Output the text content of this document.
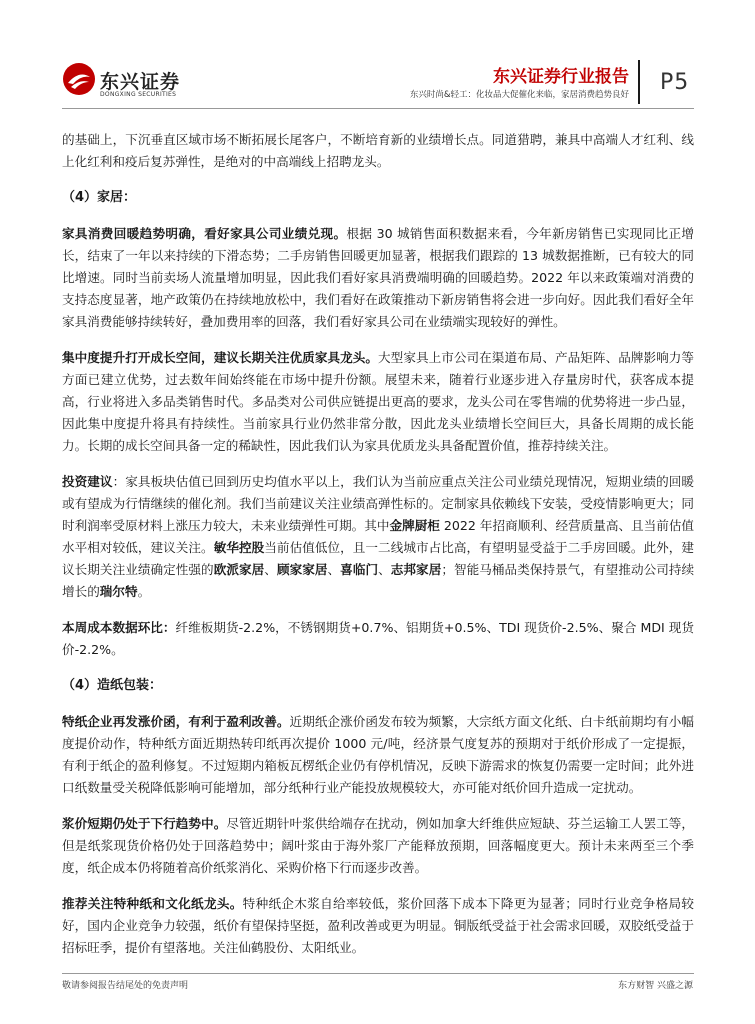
东兴证券
DONGXING SECURITIES
东兴证券行业报告
东兴时尚&轻工：化妆品大促催化来临，家居消费趋势良好 P5

的基础上，下沉垂直区域市场不断拓展长尾客户，不断培育新的业绩增长点。同道猎聘，兼具中高端人才红利、线上化红利和疫后复苏弹性，是绝对的中高端线上招聘龙头。

（4）家居：

家具消费回暖趋势明确，看好家具公司业绩兑现。根据 30 城销售面积数据来看，今年新房销售已实现同比正增长，结束了一年以来持续的下滑态势；二手房销售回暖更加显著，根据我们跟踪的 13 城数据推断，已有较大的同比增速。同时当前卖场人流量增加明显，因此我们看好家具消费端明确的回暖趋势。2022 年以来政策端对消费的支持态度显著，地产政策仍在持续地放松中，我们看好在政策推动下新房销售将会进一步向好。因此我们看好全年家具消费能够持续转好，叠加费用率的回落，我们看好家具公司在业绩端实现较好的弹性。

集中度提升打开成长空间，建议长期关注优质家具龙头。大型家具上市公司在渠道布局、产品矩阵、品牌影响力等方面已建立优势，过去数年间始终能在市场中提升份额。展望未来，随着行业逐步进入存量房时代，获客成本提高，行业将进入多品类销售时代。多品类对公司供应链提出更高的要求，龙头公司在零售端的优势将进一步凸显，因此集中度提升将具有持续性。当前家具行业仍然非常分散，因此龙头业绩增长空间巨大，具备长周期的成长能力。长期的成长空间具备一定的稀缺性，因此我们认为家具优质龙头具备配置价值，推荐持续关注。

投资建议：家具板块估值已回到历史均值水平以上，我们认为当前应重点关注公司业绩兑现情况，短期业绩的回暖或有望成为行情继续的催化剂。我们当前建议关注业绩高弹性标的。定制家具依赖线下安装，受疫情影响更大；同时利润率受原材料上涨压力较大，未来业绩弹性可期。其中金牌厨柜 2022 年招商顺利、经营质量高、且当前估值水平相对较低，建议关注。敏华控股当前估值低位，且一二线城市占比高，有望明显受益于二手房回暖。此外，建议长期关注业绩确定性强的欧派家居、顾家家居、喜临门、志邦家居；智能马桶品类保持景气，有望推动公司持续增长的瑞尔特。

本周成本数据环比：纤维板期货-2.2%，不锈钢期货+0.7%、铝期货+0.5%、TDI 现货价-2.5%、聚合 MDI 现货价-2.2%。

（4）造纸包装：

特纸企业再发涨价函，有利于盈利改善。近期纸企涨价函发布较为频繁，大宗纸方面文化纸、白卡纸前期均有小幅度提价动作，特种纸方面近期热转印纸再次提价 1000 元/吨，经济景气度复苏的预期对于纸价形成了一定提振，有利于纸企的盈利修复。不过短期内箱板瓦楞纸企业仍有停机情况，反映下游需求的恢复仍需要一定时间；此外进口纸数量受关税降低影响可能增加，部分纸种行业产能投放规模较大，亦可能对纸价回升造成一定扰动。

浆价短期仍处于下行趋势中。尽管近期针叶浆供给端存在扰动，例如加拿大纤维供应短缺、芬兰运输工人罢工等，但是纸浆现货价格仍处于回落趋势中；阔叶浆由于海外浆厂产能释放预期，回落幅度更大。预计未来两至三个季度，纸企成本仍将随着高价纸浆消化、采购价格下行而逐步改善。

推荐关注特种纸和文化纸龙头。特种纸企木浆自给率较低，浆价回落下成本下降更为显著；同时行业竞争格局较好，国内企业竞争力较强，纸价有望保持坚挺，盈利改善或更为明显。铜版纸受益于社会需求回暖，双胶纸受益于招标旺季，提价有望落地。关注仙鹤股份、太阳纸业。

敬请参阅报告结尾处的免责声明	东方财智 兴盛之源
